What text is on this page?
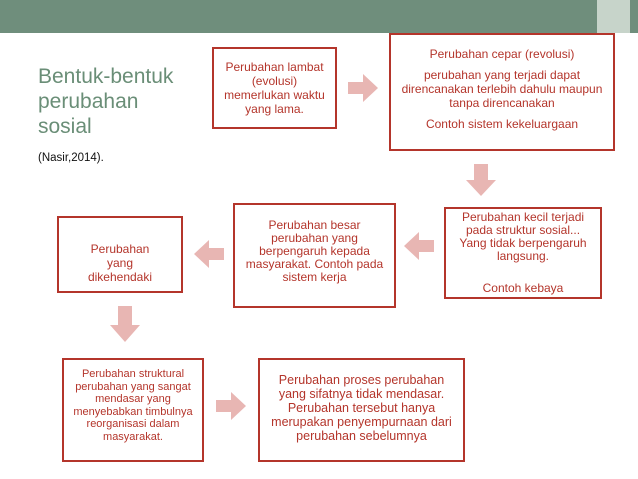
Bentuk-bentuk perubahan sosial
(Nasir,2014).
Perubahan lambat (evolusi) memerlukan waktu yang lama.
Perubahan cepar (revolusi)
perubahan yang terjadi dapat direncanakan terlebih dahulu maupun tanpa direncanakan
Contoh sistem kekeluargaan
Perubahan kecil terjadi pada struktur sosial... Yang tidak berpengaruh langsung.
Contoh kebaya
Perubahan besar perubahan yang berpengaruh kepada masyarakat. Contoh pada sistem kerja
Perubahan yang dikehendaki
Perubahan struktural perubahan yang sangat mendasar yang menyebabkan timbulnya reorganisasi dalam masyarakat.
Perubahan proses perubahan yang sifatnya tidak mendasar. Perubahan tersebut hanya merupakan penyempurnaan dari perubahan sebelumnya
